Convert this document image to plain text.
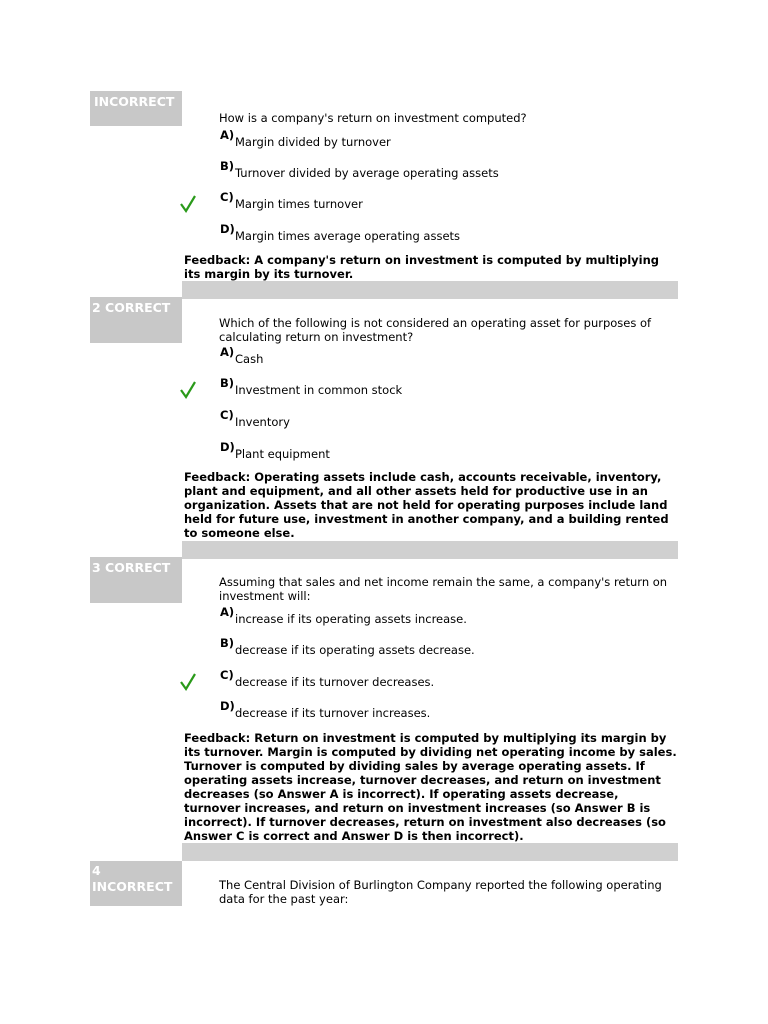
INCORRECT
How is a company's return on investment computed?
A) Margin divided by turnover
B) Turnover divided by average operating assets
C) Margin times turnover
D) Margin times average operating assets
Feedback: A company's return on investment is computed by multiplying its margin by its turnover.
2 CORRECT
Which of the following is not considered an operating asset for purposes of calculating return on investment?
A) Cash
B) Investment in common stock
C) Inventory
D) Plant equipment
Feedback: Operating assets include cash, accounts receivable, inventory, plant and equipment, and all other assets held for productive use in an organization. Assets that are not held for operating purposes include land held for future use, investment in another company, and a building rented to someone else.
3 CORRECT
Assuming that sales and net income remain the same, a company's return on investment will:
A) increase if its operating assets increase.
B) decrease if its operating assets decrease.
C) decrease if its turnover decreases.
D) decrease if its turnover increases.
Feedback: Return on investment is computed by multiplying its margin by its turnover. Margin is computed by dividing net operating income by sales. Turnover is computed by dividing sales by average operating assets. If operating assets increase, turnover decreases, and return on investment decreases (so Answer A is incorrect). If operating assets decrease, turnover increases, and return on investment increases (so Answer B is incorrect). If turnover decreases, return on investment also decreases (so Answer C is correct and Answer D is then incorrect).
4 INCORRECT	The Central Division of Burlington Company reported the following operating data for the past year:
